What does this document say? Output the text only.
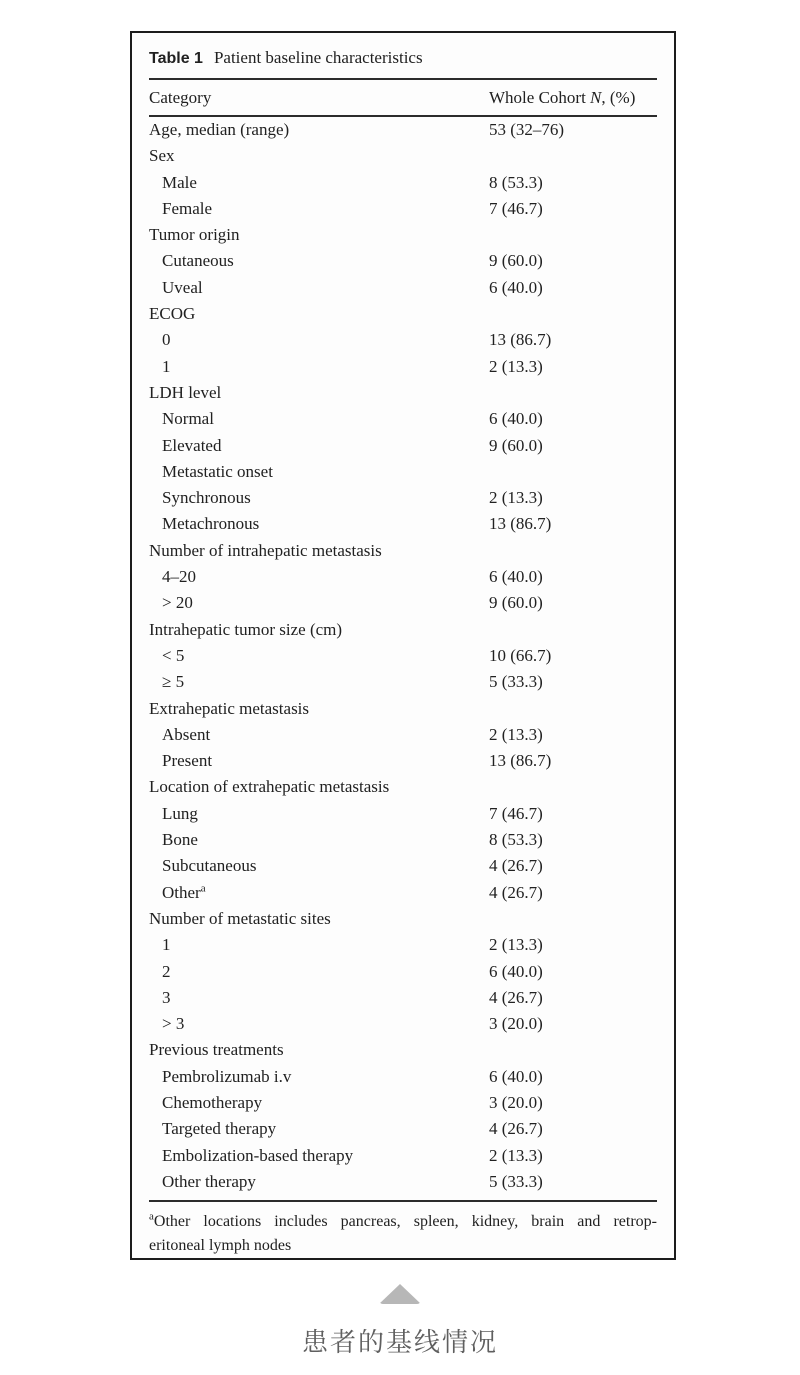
Table 1 Patient baseline characteristics
Category	Whole Cohort N, (%)
Age, median (range)	53 (32–76)
Sex
Male	8 (53.3)
Female	7 (46.7)
Tumor origin
Cutaneous	9 (60.0)
Uveal	6 (40.0)
ECOG
0	13 (86.7)
1	2 (13.3)
LDH level
Normal	6 (40.0)
Elevated	9 (60.0)
Metastatic onset
Synchronous	2 (13.3)
Metachronous	13 (86.7)
Number of intrahepatic metastasis
4–20	6 (40.0)
> 20	9 (60.0)
Intrahepatic tumor size (cm)
< 5	10 (66.7)
≥ 5	5 (33.3)
Extrahepatic metastasis
Absent	2 (13.3)
Present	13 (86.7)
Location of extrahepatic metastasis
Lung	7 (46.7)
Bone	8 (53.3)
Subcutaneous	4 (26.7)
Other$^a$	4 (26.7)
Number of metastatic sites
1	2 (13.3)
2	6 (40.0)
3	4 (26.7)
> 3	3 (20.0)
Previous treatments
Pembrolizumab i.v	6 (40.0)
Chemotherapy	3 (20.0)
Targeted therapy	4 (26.7)
Embolization-based therapy	2 (13.3)
Other therapy	5 (33.3)
$^a$Other locations includes pancreas, spleen, kidney, brain and retrop-
eritoneal lymph nodes
患者的基线情况
